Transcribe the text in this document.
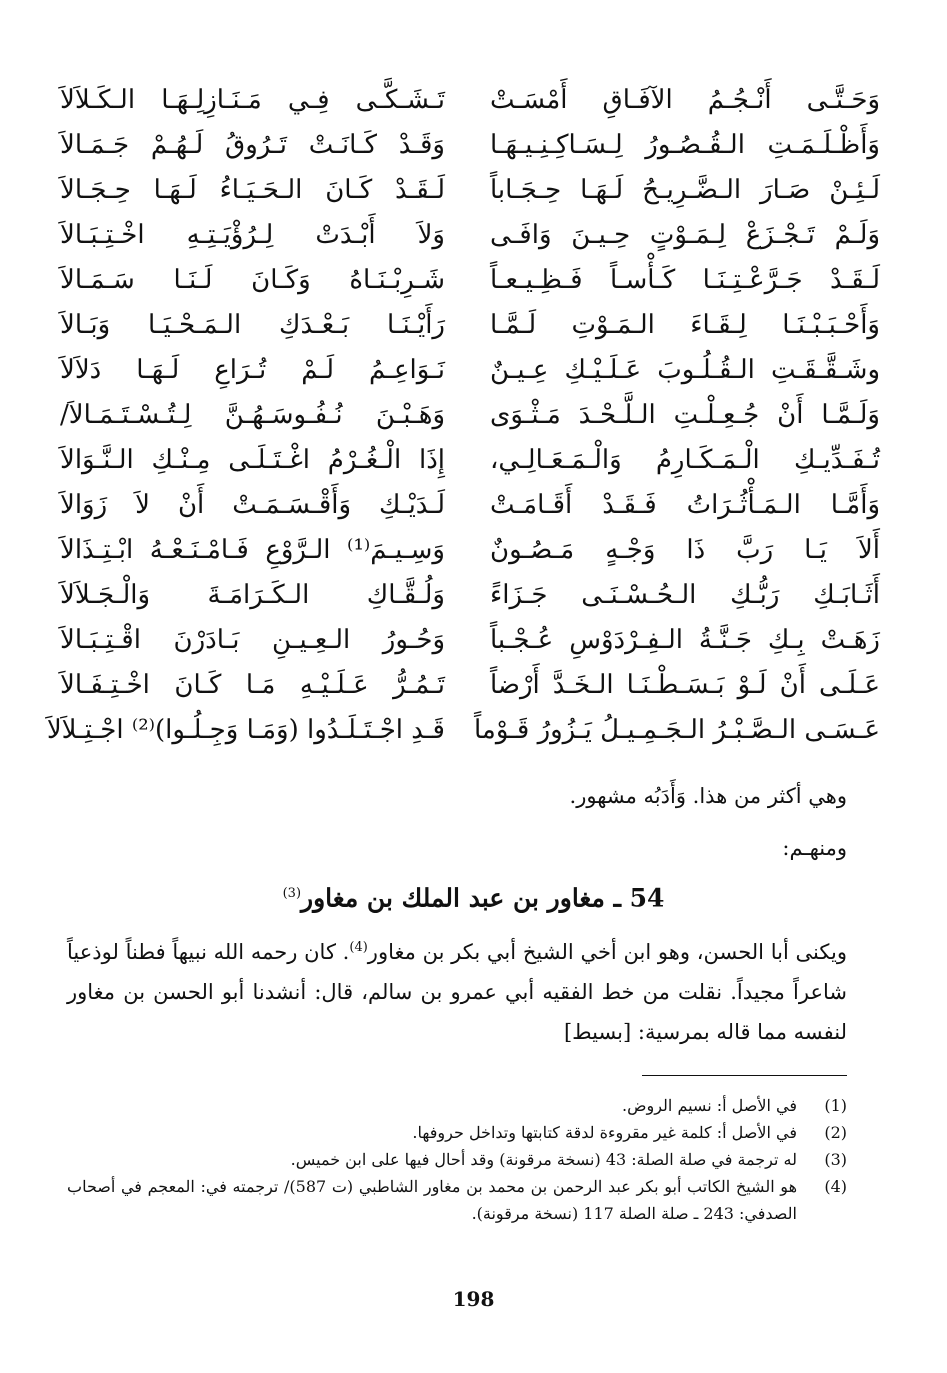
وَحَـتَّـى أَنْـجُـمُ الآفَـاقِ أَمْسَـتْ
تَـشَـكَّـى فِـي مَـنَـازِلِـهَـا الـكَـلاَلاَ
وَأَظْـلَـمَـتِ الـقُـصُـورُ لِـسَـاكِـنِـيـهَـا
وَقَـدْ كَـانَـتْ تَـرُوقُ لَـهُـمْ جَـمَـالاَ
لَـئِـنْ صَـارَ الـضَّـرِيـحُ لَـهَـا حِـجَـاباً
لَـقَـدْ كَـانَ الـحَـيَـاءُ لَـهَـا حِـجَـالاَ
وَلَـمْ تَـجْـزَعْ لِـمَـوْتٍ حِـيـنَ وَافَـى
وَلاَ أَبْـدَتْ لِـرُؤْيَـتِـهِ اخْـتِـبَـالاَ
لَـقَـدْ جَـرَّعْـتِـنَـا كَـأْسـاً فَـظِـيـعـاً
شَـرِبْـنَـاهُ وَكَـانَ لَـنَـا سَـمَـالاَ
وَأَحْـبَـبْـنَـا لِـقَـاءَ الـمَـوْتِ لَـمَّـا
رَأَيْـنَـا بَـعْـدَكِ الـمَـحْـيَـا وَبَـالاَ
وشَـقَّـقَـتِ الـقُـلُـوبَ عَـلَـيْـكِ عِـيـنٌ
نَـوَاعِـمُ لَـمْ تُـرَاعِ لَـهَـا دَلاَلاَ
وَلَـمَّـا أَنْ جُـعِـلْـتِ الـلَّـحْـدَ مَـثْـوَى
وَهَـبْـنَ نُـفُـوسَـهُـنَّ لِـتُـسْـتَـمَـالاَ/
تُـفَـدِّيـكِ الْـمَـكَـارِمُ وَالْـمَـعَـالِـي،
إِذَا الْـغُـرْمُ اغْـتَـلَـى مِـنْـكِ الـنَّـوَالاَ
وَأَمَّـا الـمَـأْثُـرَاتُ فَـقَـدْ أَقَـامَـتْ
لَـدَيْـكِ وَأَقْـسَـمَـتْ أَنْ لاَ زَوَالاَ
أَلاَ يَـا رَبَّ ذَا وَجْـهٍ مَـصُـونٌ
وَسِـيـمَ⁽¹⁾ الـرَّوْعِ فَـامْـنَـعْـهُ ابْـتِـذَالاَ
أَثَـابَـكِ رَبُّـكِ الـحُـسْـنَـى جَـزَاءً
وَلُـقَّـاكِ الـكَـرَامَـةَ وَالْـجَـلاَلاَ
زَهَـتْ بِـكِ جَـنَّـةُ الـفِـرْدَوْسِ عُـجْـباً
وَحُـورُ الـعِـيـنِ بَـادَرْنَ اقْـتِـبَـالاَ
عَـلَـى أَنْ لَـوْ بَـسَـطْـنَـا الـخَـدَّ أَرْضاً
تَـمُـرُّ عَـلَـيْـهِ مَـا كَـانَ اخْـتِـفَـالاَ
عَـسَـى الـصَّـبْـرُ الـجَـمِـيـلُ يَـزُورُ قَـوْماً
قَـدِ اجْـتَـلَـدُوا (وَمَـا وَجِـلُـوا)⁽²⁾ اجْـتِـلاَلاَ
وهي أكثر من هذا. وَأَدَبُه مشهور.
ومنهـم:
54 ـ مغاور بن عبد الملك بن مغاور$^{(3)}$
ويكنى أبا الحسن، وهو ابن أخي الشيخ أبي بكر بن مغاور$^{(4)}$. كان رحمه الله نبيهاً فطناً لوذعياً شاعراً مجيداً. نقلت من خط الفقيه أبي عمرو بن سالم، قال: أنشدنا أبو الحسن بن مغاور لنفسه مما قاله بمرسية: [بسيط]
(1)
في الأصل أ: نسيم الروض.
(2)
في الأصل أ: كلمة غير مقروءة لدقة كتابتها وتداخل حروفها.
(3)
له ترجمة في صلة الصلة: 43 (نسخة مرقونة) وقد أحال فيها على ابن خميس.
(4)
هو الشيخ الكاتب أبو بكر عبد الرحمن بن محمد بن مغاور الشاطبي (ت 587)/ ترجمته في: المعجم في أصحاب الصدفي: 243 ـ صلة الصلة 117 (نسخة مرقونة).
198
